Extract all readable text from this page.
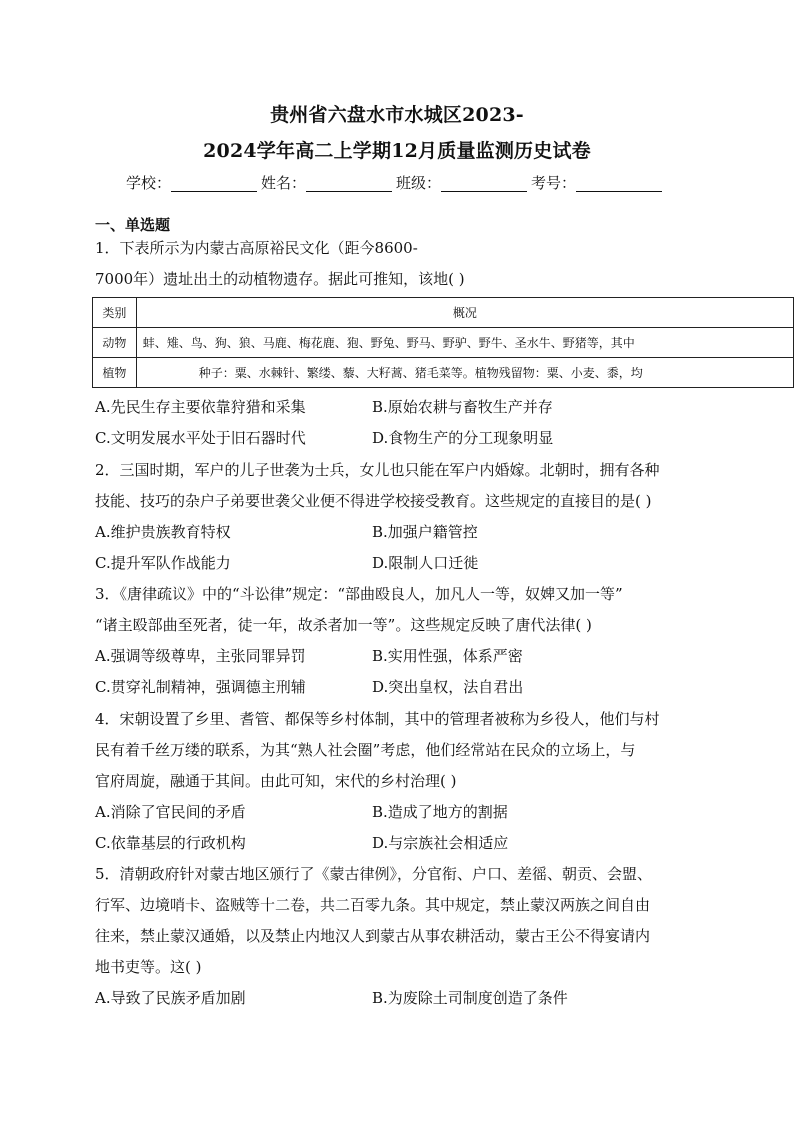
贵州省六盘水市水城区2023-
2024学年高二上学期12月质量监测历史试卷
学校：	姓名：	班级：	考号：
一、单选题
1．下表所示为内蒙古高原裕民文化（距今8600-
7000年）遗址出土的动植物遗存。据此可推知，该地( )
类别	概况
动物	蚌、雉、鸟、狗、狼、马鹿、梅花鹿、狍、野兔、野马、野驴、野牛、圣水牛、野猪等，其中
植物	种子：粟、水棘针、繁缕、藜、大籽蒿、猪毛菜等。植物残留物：粟、小麦、黍，均
A.先民生存主要依靠狩猎和采集	B.原始农耕与畜牧生产并存
C.文明发展水平处于旧石器时代	D.食物生产的分工现象明显
2．三国时期，军户的儿子世袭为士兵，女儿也只能在军户内婚嫁。北朝时，拥有各种
技能、技巧的杂户子弟要世袭父业便不得进学校接受教育。这些规定的直接目的是( )
A.维护贵族教育特权	B.加强户籍管控
C.提升军队作战能力	D.限制人口迁徙
3．《唐律疏议》中的“斗讼律”规定：“部曲殴良人，加凡人一等，奴婢又加一等”
“诸主殴部曲至死者，徒一年，故杀者加一等”。这些规定反映了唐代法律( )
A.强调等级尊卑，主张同罪异罚	B.实用性强，体系严密
C.贯穿礼制精神，强调德主刑辅	D.突出皇权，法自君出
4．宋朝设置了乡里、耆管、都保等乡村体制，其中的管理者被称为乡役人，他们与村
民有着千丝万缕的联系，为其“熟人社会圈”考虑，他们经常站在民众的立场上，与
官府周旋，融通于其间。由此可知，宋代的乡村治理( )
A.消除了官民间的矛盾	B.造成了地方的割据
C.依靠基层的行政机构	D.与宗族社会相适应
5．清朝政府针对蒙古地区颁行了《蒙古律例》，分官衔、户口、差徭、朝贡、会盟、
行军、边境哨卡、盗贼等十二卷，共二百零九条。其中规定，禁止蒙汉两族之间自由
往来，禁止蒙汉通婚，以及禁止内地汉人到蒙古从事农耕活动，蒙古王公不得宴请内
地书吏等。这( )
A.导致了民族矛盾加剧	B.为废除土司制度创造了条件
